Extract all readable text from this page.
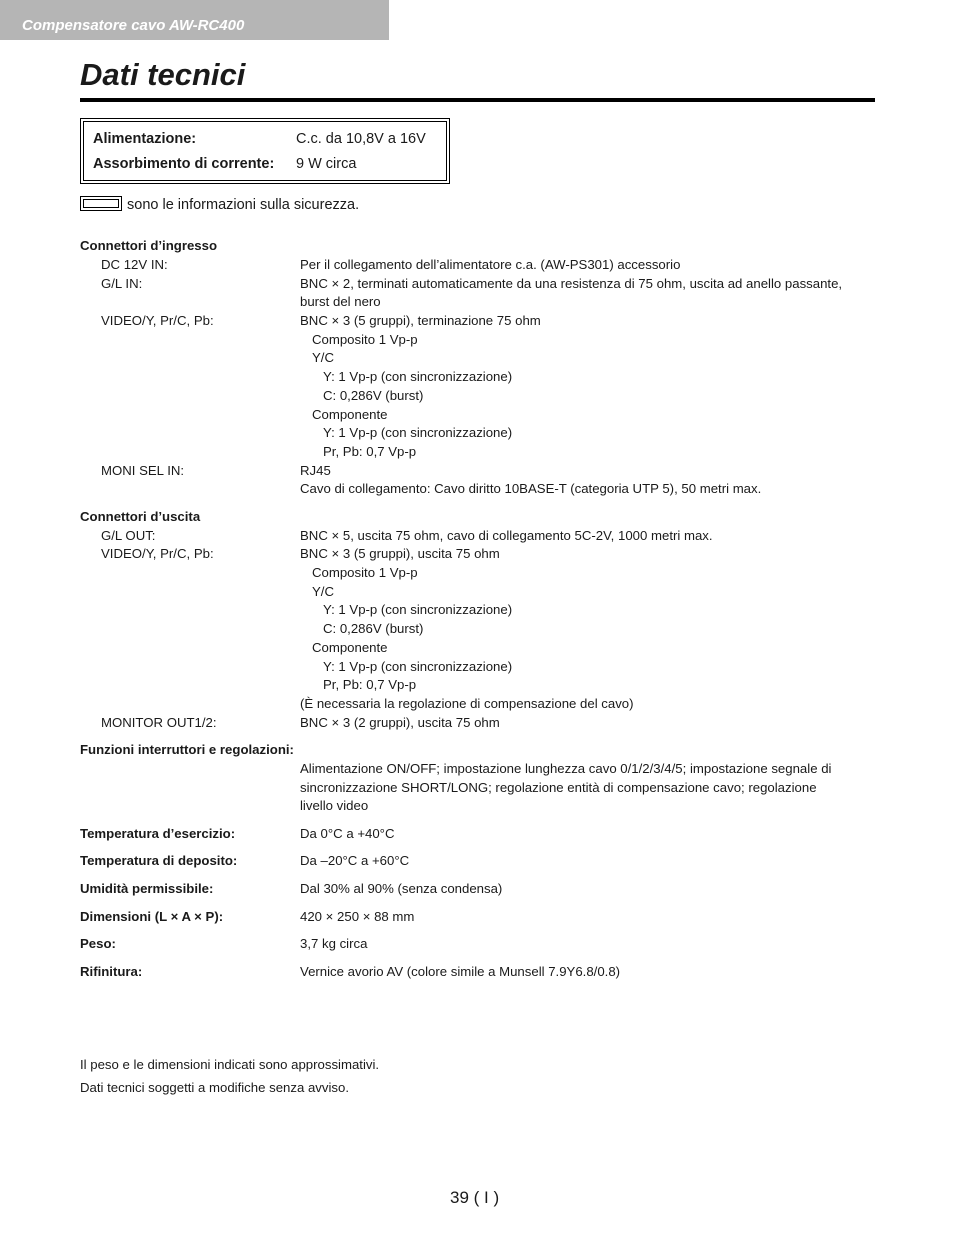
Compensatore cavo AW-RC400
Dati tecnici
Alimentazione:	C.c. da 10,8V a 16V
Assorbimento di corrente: 9 W circa
sono le informazioni sulla sicurezza.
Connettori d’ingresso
DC 12V IN:	Per il collegamento dell’alimentatore c.a. (AW-PS301) accessorio
G/L IN:	BNC × 2, terminati automaticamente da una resistenza di 75 ohm, uscita ad anello passante,
burst del nero
VIDEO/Y, Pr/C, Pb:	BNC × 3 (5 gruppi), terminazione 75 ohm
Composito 1 Vp-p
Y/C
Y: 1 Vp-p (con sincronizzazione)
C: 0,286V (burst)
Componente
Y: 1 Vp-p (con sincronizzazione)
Pr, Pb: 0,7 Vp-p
MONI SEL IN:	RJ45
Cavo di collegamento: Cavo diritto 10BASE-T (categoria UTP 5), 50 metri max.
Connettori d’uscita
G/L OUT:	BNC × 5, uscita 75 ohm, cavo di collegamento 5C-2V, 1000 metri max.
VIDEO/Y, Pr/C, Pb:	BNC × 3 (5 gruppi), uscita 75 ohm
Composito 1 Vp-p
Y/C
Y: 1 Vp-p (con sincronizzazione)
C: 0,286V (burst)
Componente
Y: 1 Vp-p (con sincronizzazione)
Pr, Pb: 0,7 Vp-p
(È necessaria la regolazione di compensazione del cavo)
MONITOR OUT1/2:	BNC × 3 (2 gruppi), uscita 75 ohm
Funzioni interruttori e regolazioni:
Alimentazione ON/OFF; impostazione lunghezza cavo 0/1/2/3/4/5; impostazione segnale di
sincronizzazione SHORT/LONG; regolazione entità di compensazione cavo; regolazione
livello video
Temperatura d’esercizio:	Da 0°C a +40°C
Temperatura di deposito:	Da –20°C a +60°C
Umidità permissibile:	Dal 30% al 90% (senza condensa)
Dimensioni (L × A × P):	420 × 250 × 88 mm
Peso:	3,7 kg circa
Rifinitura:	Vernice avorio AV (colore simile a Munsell 7.9Y6.8/0.8)
Il peso e le dimensioni indicati sono approssimativi.
Dati tecnici soggetti a modifiche senza avviso.
39 ( I )
